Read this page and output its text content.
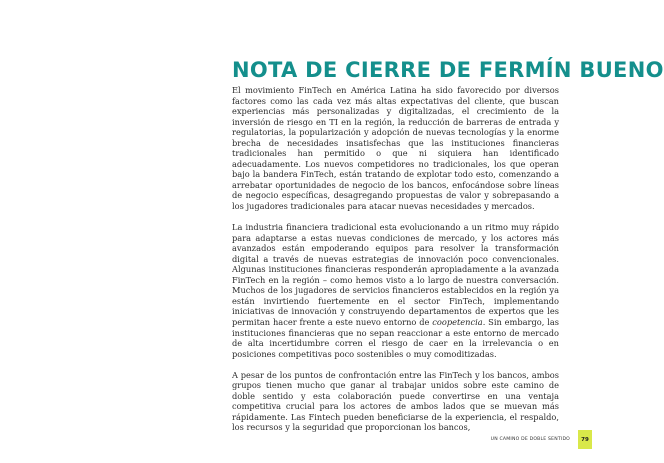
NOTA DE CIERRE DE FERMÍN BUENO

El movimiento FinTech en América Latina ha sido favorecido por diversos factores como las cada vez más altas expectativas del cliente, que buscan experiencias más personalizadas y digitalizadas, el crecimiento de la inversión de riesgo en TI en la región, la reducción de barreras de entrada y regulatorias, la popularización y adopción de nuevas tecnologías y la enorme brecha de necesidades insatisfechas que las instituciones financieras tradicionales han permitido o que ni siquiera han identificado adecuadamente. Los nuevos competidores no tradicionales, los que operan bajo la bandera FinTech, están tratando de explotar todo esto, comenzando a arrebatar oportunidades de negocio de los bancos, enfocándose sobre líneas de negocio específicas, desagregando propuestas de valor y sobrepasando a los jugadores tradicionales para atacar nuevas necesidades y mercados.

La industria financiera tradicional esta evolucionando a un ritmo muy rápido para adaptarse a estas nuevas condiciones de mercado, y los actores más avanzados están empoderando equipos para resolver la transformación digital a través de nuevas estrategias de innovación poco convencionales. Algunas instituciones financieras responderán apropiadamente a la avanzada FinTech en la región – como hemos visto a lo largo de nuestra conversación. Muchos de los jugadores de servicios financieros establecidos en la región ya están invirtiendo fuertemente en el sector FinTech, implementando iniciativas de innovación y construyendo departamentos de expertos que les permitan hacer frente a este nuevo entorno de coopetencia. Sin embargo, las instituciones financieras que no sepan reaccionar a este entorno de mercado de alta incertidumbre corren el riesgo de caer en la irrelevancia o en posiciones competitivas poco sostenibles o muy comoditizadas.

A pesar de los puntos de confrontación entre las FinTech y los bancos, ambos grupos tienen mucho que ganar al trabajar unidos sobre este camino de doble sentido y esta colaboración puede convertirse en una ventaja competitiva crucial para los actores de ambos lados que se muevan más rápidamente. Las Fintech pueden beneficiarse de la experiencia, el respaldo, los recursos y la seguridad que proporcionan los bancos,

UN CAMINO DE DOBLE SENTIDO	79
